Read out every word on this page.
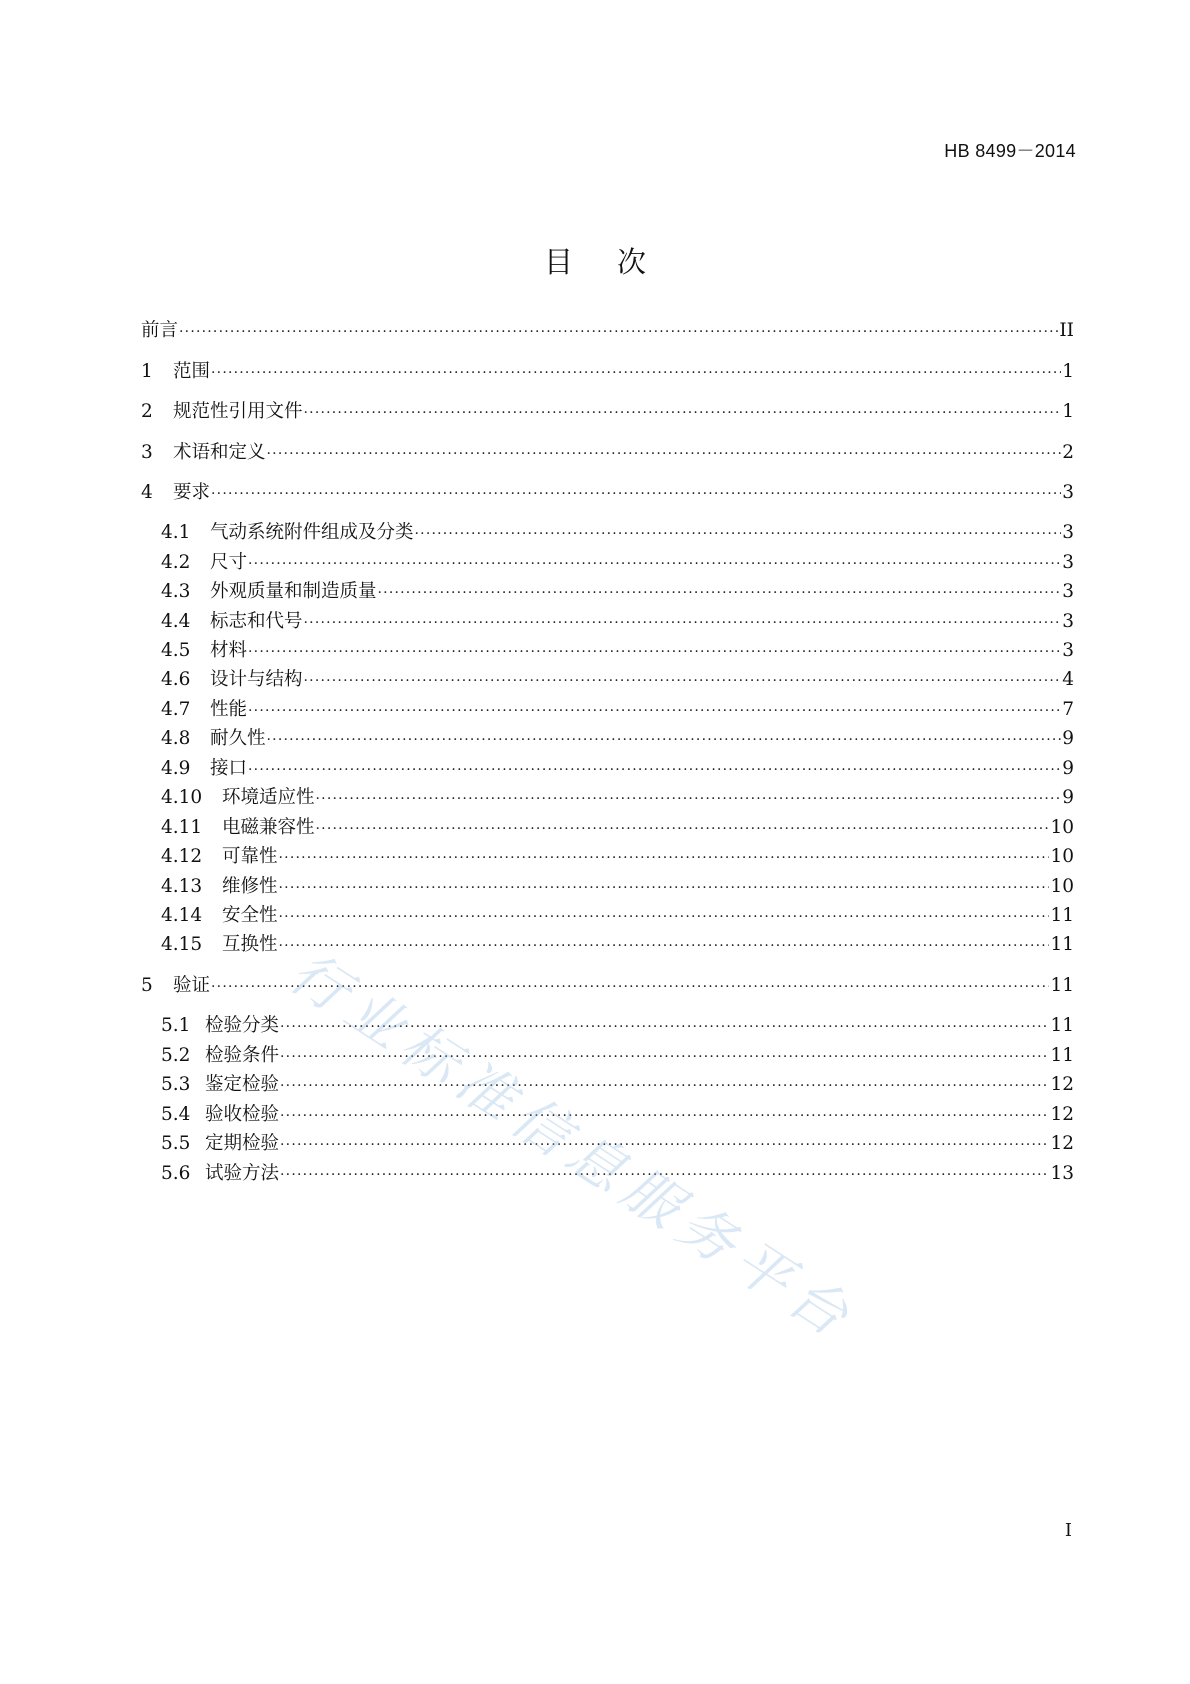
HB 8499－2014
目次
前言 ·····	II
1	范围 ·····	1
2	规范性引用文件 ·····	1
3	术语和定义 ·····	2
4	要求 ·····	3
4.1	气动系统附件组成及分类 ·····	3
4.2	尺寸 ·····	3
4.3	外观质量和制造质量 ·····	3
4.4	标志和代号 ·····	3
4.5	材料 ·····	3
4.6	设计与结构 ·····	4
4.7	性能 ·····	7
4.8	耐久性 ·····	9
4.9	接口 ·····	9
4.10	环境适应性 ·····	9
4.11	电磁兼容性 ·····	10
4.12	可靠性 ·····	10
4.13	维修性 ·····	10
4.14	安全性 ·····	11
4.15	互换性 ·····	11
5	验证 ·····	11
5.1 检验分类 ·····	11
5.2 检验条件 ·····	11
5.3 鉴定检验 ·····	12
5.4 验收检验 ·····	12
5.5 定期检验 ·····	12
5.6 试验方法 ·····	13
行业标准信息服务平台
I
